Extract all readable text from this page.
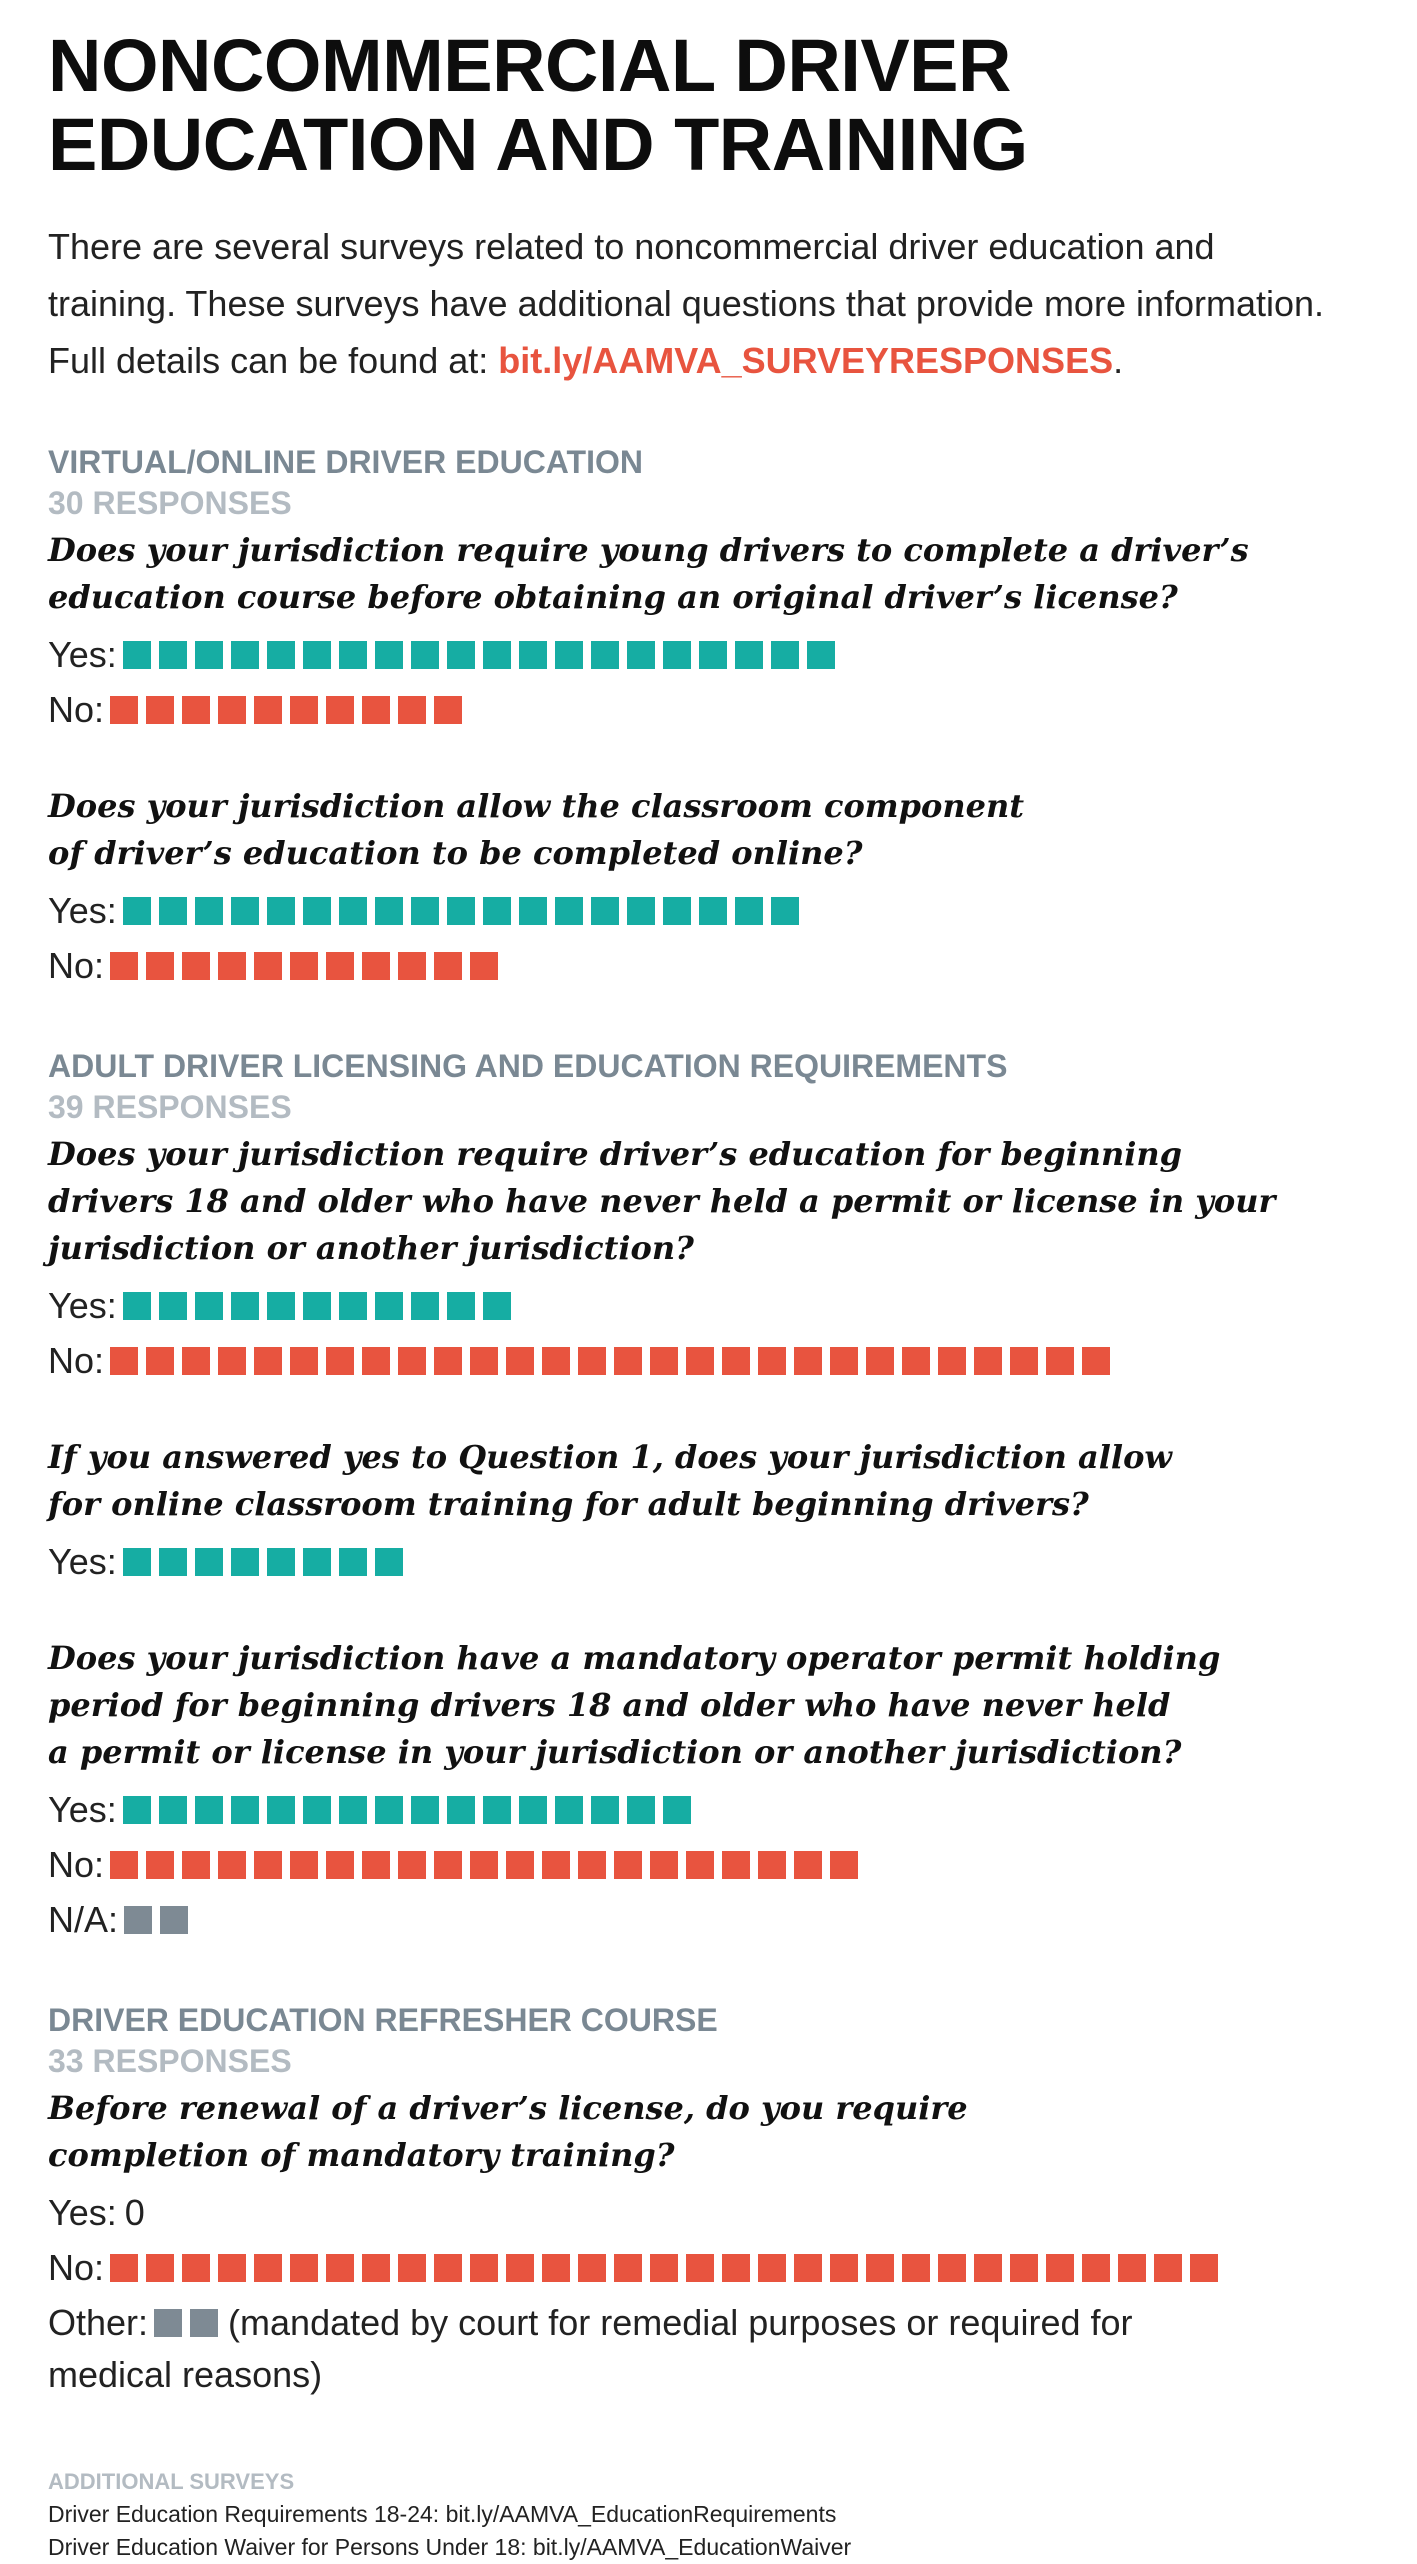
NONCOMMERCIAL DRIVER
EDUCATION AND TRAINING

There are several surveys related to noncommercial driver education and

training. These surveys have additional questions that provide more information.

Full details can be found at: bit.ly/AAMVA_SURVEYRESPONSES.

VIRTUAL/ONLINE DRIVER EDUCATION
30 RESPONSES

Does your jurisdiction require young drivers to complete a driver’s

education course before obtaining an original driver’s license?

Yes:
No:

Does your jurisdiction allow the classroom component

of driver’s education to be completed online?

Yes:
No:
ADULT DRIVER LICENSING AND EDUCATION REQUIREMENTS
39 RESPONSES

Does your jurisdiction require driver’s education for beginning

drivers 18 and older who have never held a permit or license in your

jurisdiction or another jurisdiction?

Yes:
No:

If you answered yes to Question 1, does your jurisdiction allow

for online classroom training for adult beginning drivers?

Yes:

Does your jurisdiction have a mandatory operator permit holding

period for beginning drivers 18 and older who have never held

a permit or license in your jurisdiction or another jurisdiction?

Yes:
No:
N/A:
DRIVER EDUCATION REFRESHER COURSE
33 RESPONSES

Before renewal of a driver’s license, do you require

completion of mandatory training?

Yes: 0
No:
Other: (mandated by court for remedial purposes or required for
medical reasons)
ADDITIONAL SURVEYS
Driver Education Requirements 18-24: bit.ly/AAMVA_EducationRequirements
Driver Education Waiver for Persons Under 18: bit.ly/AAMVA_EducationWaiver
